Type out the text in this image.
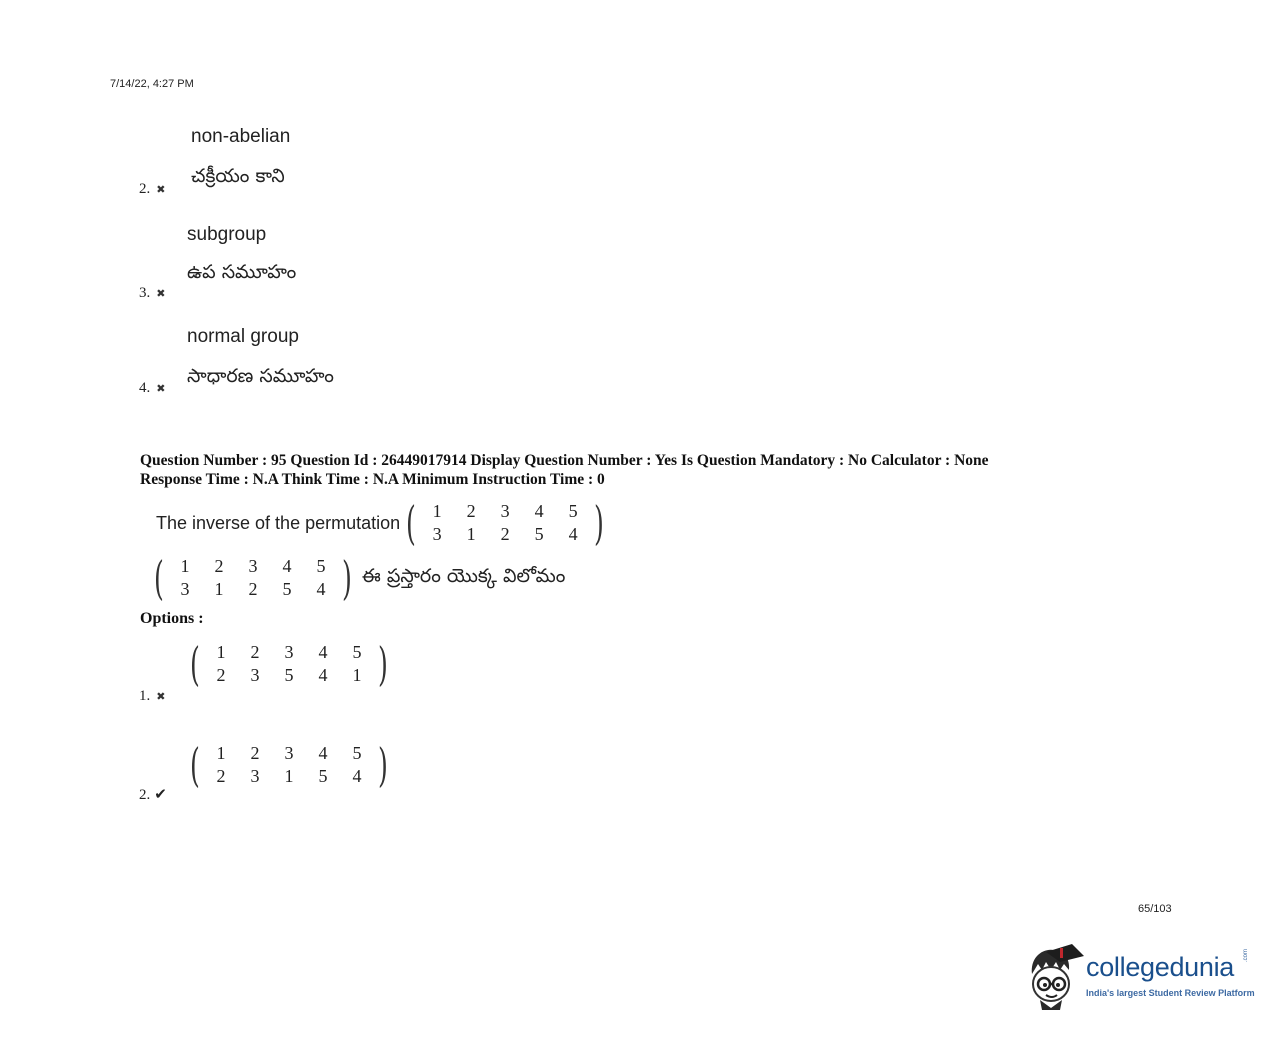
7/14/22, 4:27 PM
non-abelian
చక్రీయం కాని
2. ✖
subgroup
ఉప సమూహం
3. ✖
normal group
సాధారణ సమూహం
4. ✖
Question Number : 95 Question Id : 26449017914 Display Question Number : Yes Is Question Mandatory : No Calculator : None
Response Time : N.A Think Time : N.A Minimum Instruction Time : 0
The inverse of the permutation ( 1	2	3	4	5
3	1	2	5	4 )
( 1	2	3	4	5
3	1	2	5	4 ) ఈ ప్రస్తారం యొక్క విలోమం
Options :
( 1	2	3	4	5
2	3	5	4	1 )
1. ✖
( 1	2	3	4	5
2	3	1	5	4 )
2. ✔
65/103
collegedunia .com
India's largest Student Review Platform
